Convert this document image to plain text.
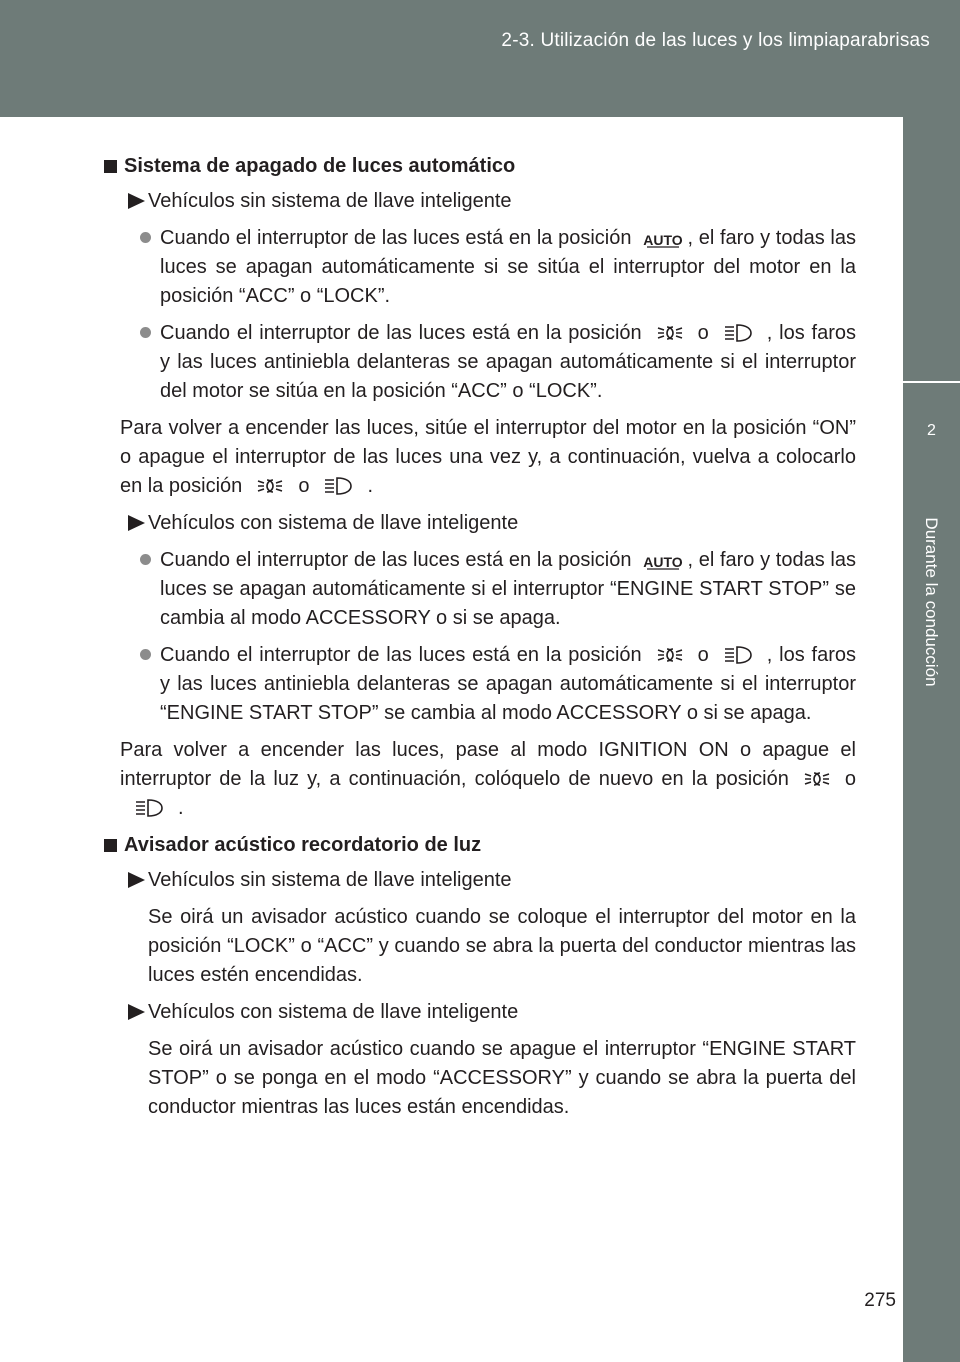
2-3. Utilización de las luces y los limpiaparabrisas
2
Durante la conducción
Sistema de apagado de luces automático
Vehículos sin sistema de llave inteligente
Cuando el interruptor de las luces está en la posición AUTO , el faro y todas las luces se apagan automáticamente si se sitúa el interruptor del motor en la posición “ACC” o “LOCK”.
Cuando el interruptor de las luces está en la posición	o	, los faros y las luces antiniebla delanteras se apagan automáticamente si el interruptor del motor se sitúa en la posición “ACC” o “LOCK”.
Para volver a encender las luces, sitúe el interruptor del motor en la posición “ON” o apague el interruptor de las luces una vez y, a continuación, vuelva a colocarlo en la posición	o	.
Vehículos con sistema de llave inteligente
Cuando el interruptor de las luces está en la posición AUTO , el faro y todas las luces se apagan automáticamente si el interruptor “ENGINE START STOP” se cambia al modo ACCESSORY o si se apaga.
Cuando el interruptor de las luces está en la posición	o	, los faros y las luces antiniebla delanteras se apagan automáticamente si el interruptor “ENGINE START STOP” se cambia al modo ACCESSORY o si se apaga.
Para volver a encender las luces, pase al modo IGNITION ON o apague el interruptor de la luz y, a continuación, colóquelo de nuevo en la posición	o.
Avisador acústico recordatorio de luz
Vehículos sin sistema de llave inteligente
Se oirá un avisador acústico cuando se coloque el interruptor del motor en la posición “LOCK” o “ACC” y cuando se abra la puerta del conductor mientras las luces estén encendidas.
Vehículos con sistema de llave inteligente
Se oirá un avisador acústico cuando se apague el interruptor “ENGINE START STOP” o se ponga en el modo “ACCESSORY” y cuando se abra la puerta del conductor mientras las luces están encendidas.
275
